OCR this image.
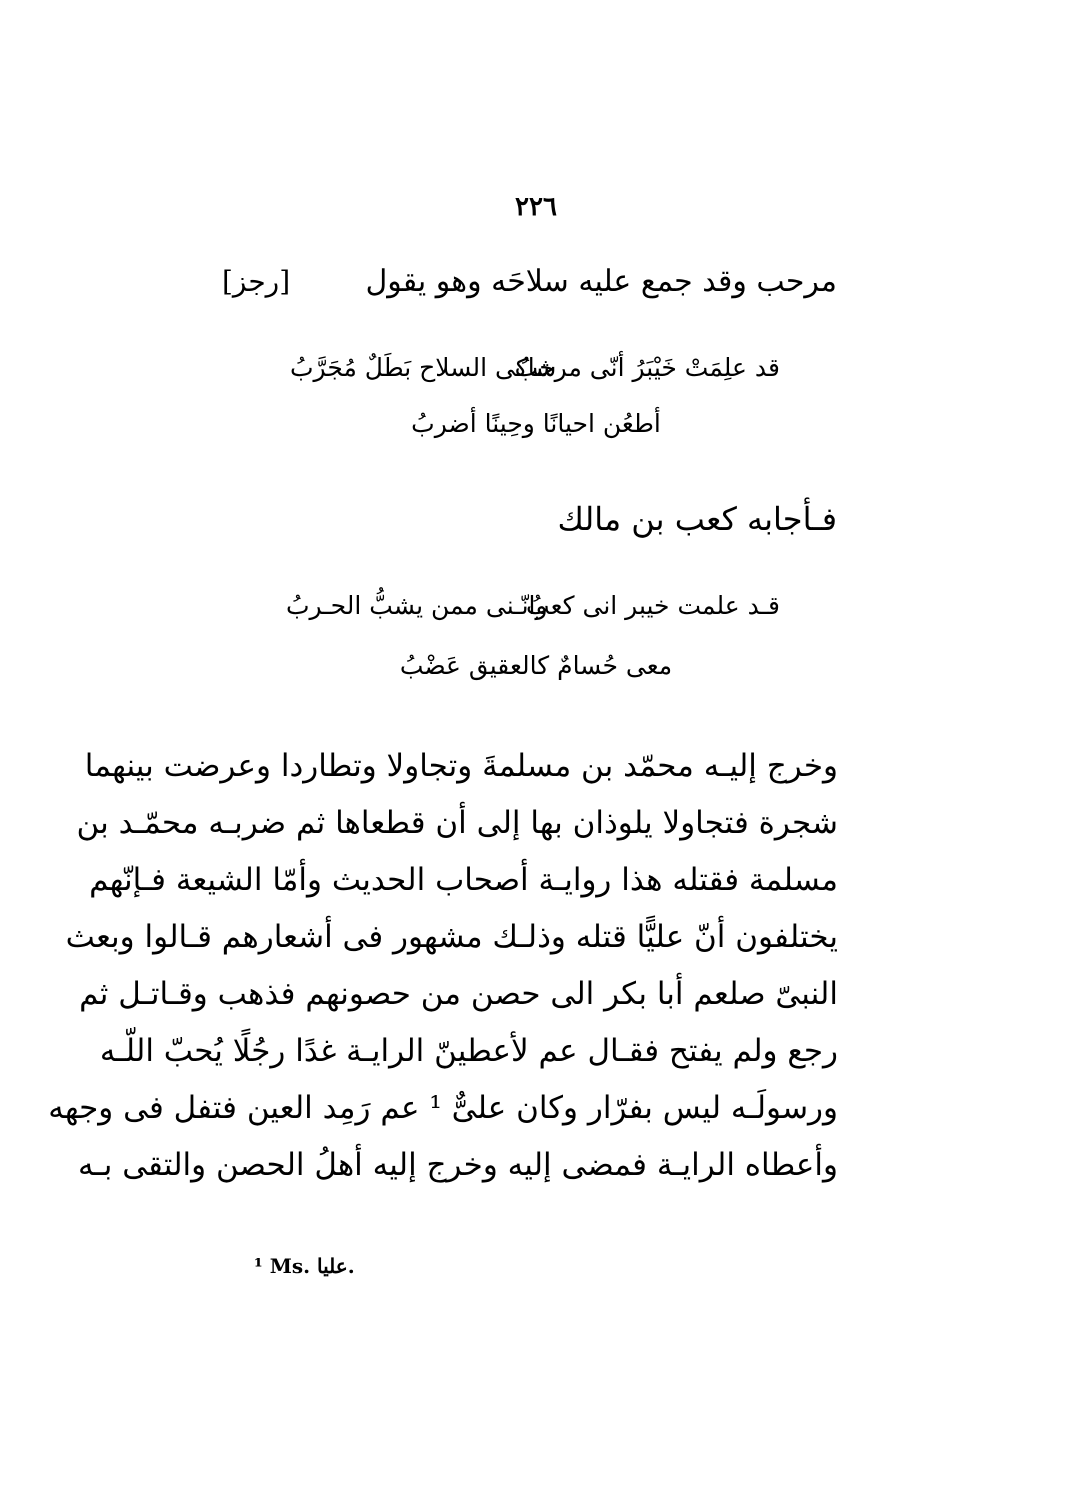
٢٢٦
مرحب وقد جمع عليه سلاحَه وهو يقول
[رجز]
قد علِمَتْ خَيْبَرُ أنّى مرحبُ
شاكى السلاح بَطَلٌ مُجَرَّبُ
أطعُن احيانًا وحِينًا أضربُ
فـأجابه كعب بن مالك
قـد علمت خيبر انى كعبُ
وانّـنى ممن يشبُّ الحـربُ
معى حُسامٌ كالعقيق عَضْبُ
وخرج إليـه محمّد بن مسلمةَ وتجاولا وتطاردا وعرضت بينهما
شجرة فتجاولا يلوذان بها إلى أن قطعاها ثم ضربـه محمّـد بن
مسلمة فقتله هذا روايـة أصحاب الحديث وأمّا الشيعة فـإنّهم
يختلفون أنّ عليًّا قتله وذلـك مشهور فى أشعارهم قـالوا وبعث
النبىّ صلعم أبا بكر الى حصن من حصونهم فذهب وقـاتـل ثم
رجع ولم يفتح فقـال عم لأعطينّ الرايـة غدًا رجُلًا يُحبّ اللّـه
ورسولَـه ليس بفرّار وكان علىٌّ ¹ عم رَمِد العين فتفل فى وجهه
وأعطاه الرايـة فمضى إليه وخرج إليه أهلُ الحصن والتقى بـه
¹ Ms. عليا.
